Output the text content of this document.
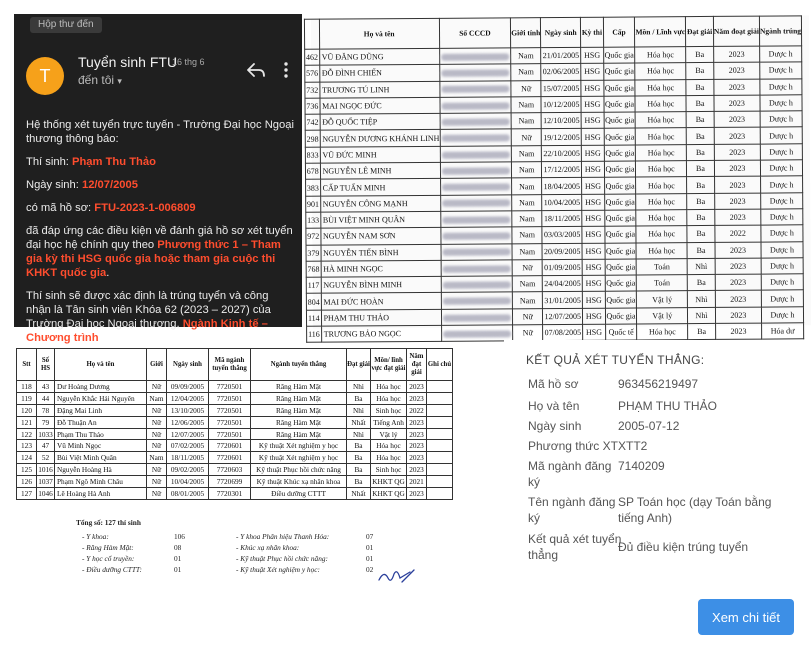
Hộp thư đến
T
Tuyển sinh FTU
16 thg 6
đến tôi ▾

Hệ thống xét tuyển trực tuyến - Trường Đại học Ngoại thương thông báo:

Thí sinh: Phạm Thu Thảo

Ngày sinh: 12/07/2005

có mã hồ sơ: FTU-2023-1-006809

đã đáp ứng các điều kiện về đánh giá hồ sơ xét tuyển đại học hệ chính quy theo Phương thức 1 – Tham gia kỳ thi HSG quốc gia hoặc tham gia cuộc thi KHKT quốc gia.

Thí sinh sẽ được xác định là trúng tuyển và công nhận là Tân sinh viên Khóa 62 (2023 – 2027) của Trường Đại học Ngoại thương, Ngành Kinh tế – Chương trình

	Họ và tên	Số CCCD	Giới tính	Ngày sinh	Kỳ thi	Cấp	Môn / Lĩnh vực	Đạt giải	Năm đoạt giải	Ngành trúng
462	VŨ ĐĂNG DŨNG		Nam	21/01/2005	HSG	Quốc gia	Hóa học	Ba	2023	Dược h
576	ĐỖ ĐÌNH CHIẾN		Nam	02/06/2005	HSG	Quốc gia	Hóa học	Ba	2023	Dược h
732	TRƯƠNG TÚ LINH		Nữ	15/07/2005	HSG	Quốc gia	Hóa học	Ba	2023	Dược h
736	MAI NGỌC ĐỨC		Nam	10/12/2005	HSG	Quốc gia	Hóa học	Ba	2023	Dược h
742	ĐỖ QUỐC TIỆP		Nam	12/10/2005	HSG	Quốc gia	Hóa học	Ba	2023	Dược h
298	NGUYỄN DƯƠNG KHÁNH LINH		Nữ	19/12/2005	HSG	Quốc gia	Hóa học	Ba	2023	Dược h
833	VŨ ĐỨC MINH		Nam	22/10/2005	HSG	Quốc gia	Hóa học	Ba	2023	Dược h
678	NGUYỄN LÊ MINH		Nam	17/12/2005	HSG	Quốc gia	Hóa học	Ba	2023	Dược h
383	CẤP TUẤN MINH		Nam	18/04/2005	HSG	Quốc gia	Hóa học	Ba	2023	Dược h
901	NGUYỄN CÔNG MẠNH		Nam	10/04/2005	HSG	Quốc gia	Hóa học	Ba	2023	Dược h
133	BÙI VIỆT MINH QUÂN		Nam	18/11/2005	HSG	Quốc gia	Hóa học	Ba	2023	Dược h
972	NGUYỄN NAM SƠN		Nam	03/03/2005	HSG	Quốc gia	Hóa học	Ba	2022	Dược h
379	NGUYỄN TIẾN BÌNH		Nam	20/09/2005	HSG	Quốc gia	Hóa học	Ba	2023	Dược h
768	HÀ MINH NGỌC		Nữ	01/09/2005	HSG	Quốc gia	Toán	Nhì	2023	Dược h
117	NGUYỄN BÌNH MINH		Nam	24/04/2005	HSG	Quốc gia	Toán	Ba	2023	Dược h
804	MAI ĐỨC HOÀN		Nam	31/01/2005	HSG	Quốc gia	Vật lý	Nhì	2023	Dược h
114	PHẠM THU THẢO		Nữ	12/07/2005	HSG	Quốc gia	Vật lý	Nhì	2023	Dược h
116	TRƯƠNG BẢO NGỌC		Nữ	07/08/2005	HSG	Quốc tế	Hóa học	Ba	2023	Hóa dư
Stt	Số HS	Họ và tên	Giới	Ngày sinh	Mã ngành tuyển thẳng	Ngành tuyển thẳng	Đạt giải	Môn/ lĩnh vực đạt giải	Năm đạt giải	Ghi chú
118	43	Dư Hoàng Dương	Nữ	09/09/2005	7720501	Răng Hàm Mặt	Nhì	Hóa học	2023	
119	44	Nguyễn Khắc Hải Nguyên	Nam	12/04/2005	7720501	Răng Hàm Mặt	Ba	Hóa học	2023	
120	78	Đặng Mai Linh	Nữ	13/10/2005	7720501	Răng Hàm Mặt	Nhì	Sinh học	2022	
121	79	Đỗ Thuận An	Nữ	12/06/2005	7720501	Răng Hàm Mặt	Nhất	Tiếng Anh	2023	
122	1033	Phạm Thu Thảo	Nữ	12/07/2005	7720501	Răng Hàm Mặt	Nhì	Vật lý	2023	
123	47	Vũ Minh Ngọc	Nữ	07/02/2005	7720601	Kỹ thuật Xét nghiệm y học	Ba	Hóa học	2023	
124	52	Bùi Việt Minh Quân	Nam	18/11/2005	7720601	Kỹ thuật Xét nghiệm y học	Ba	Hóa học	2023	
125	1016	Nguyễn Hoàng Hà	Nữ	09/02/2005	7720603	Kỹ thuật Phục hồi chức năng	Ba	Sinh học	2023	
126	1037	Phạm Ngô Minh Châu	Nữ	10/04/2005	7720699	Kỹ thuật Khúc xạ nhãn khoa	Ba	KHKT QG	2021	
127	1046	Lê Hoàng Hà Anh	Nữ	08/01/2005	7720301	Điều dưỡng CTTT	Nhất	KHKT QG	2023	
Tổng số: 127 thí sinh
- Y khoa:	106	- Y khoa Phân hiệu Thanh Hóa:	07
- Răng Hàm Mặt:	08	- Khúc xạ nhãn khoa:	01
- Y học cổ truyền:	01	- Kỹ thuật Phục hồi chức năng:	01
- Điều dưỡng CTTT:	01	- Kỹ thuật Xét nghiệm y học:	02
KẾT QUẢ XÉT TUYỂN THẲNG:
Mã hồ sơ	963456219497
Họ và tên	PHẠM THU THẢO
Ngày sinh	2005-07-12
Phương thức XT XTT2
Mã ngành đăng ký
7140209
Tên ngành đăng ký
SP Toán học (dạy Toán bằng tiếng Anh)
Kết quả xét tuyển thẳng
Đủ điều kiện trúng tuyển
Xem chi tiết
